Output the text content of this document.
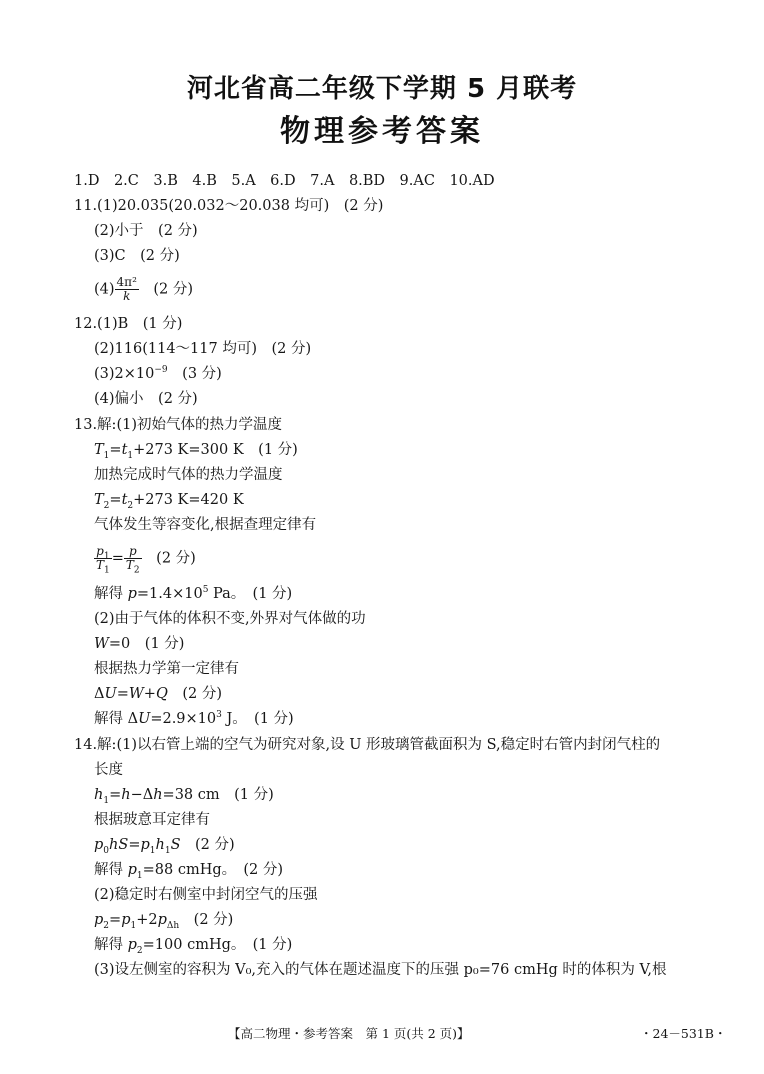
河北省高二年级下学期 5 月联考
物理参考答案
1.D　2.C　3.B　4.B　5.A　6.D　7.A　8.BD　9.AC　10.AD
11.(1)20.035(20.032～20.038 均可)　(2 分)
(2)小于　(2 分)
(3)C　(2 分)
$(4) \frac{\text{4π²}}{k}$
　 (2 分)
12.(1)B　(1 分)
(2)116(114～117 均可)　(2 分)
$(3)2\times 10^{-9}$　 (3 分)
(4)偏小　(2 分)
13.解:(1)初始气体的热力学温度
$T_1=t_1+273$ K=300 K　(1 分)
加热完成时气体的热力学温度
$T_2=t_2+273$ K=420 K
气体发生等容变化,根据查理定律有
$\frac{p_1}{T_1} = \frac{p}{T_2}$
　 (2 分)
解得 $p=1.4\times 10^5$ Pa。　(1 分)
(2)由于气体的体积不变,外界对气体做的功
W=0　(1 分)
根据热力学第一定律有
ΔU=W+Q　(2 分)
解得 $\Delta U=2.9\times 10^3$ J。　(1 分)
14.解:(1)以右管上端的空气为研究对象,设 U 形玻璃管截面积为 S,稳定时右管内封闭气柱的
长度
$h_1=h-\Delta h=38$ cm　(1 分)
根据玻意耳定律有
$p_0hS=p_1h_1S$　(2 分)
解得 $p_1=88$ cmHg。　(2 分)
(2)稳定时右侧室中封闭空气的压强
$p_2=p_1+2p_{\Delta h}$　(2 分)
解得 $p_2=100$ cmHg。　(1 分)
(3)设左侧室的容积为 V₀,充入的气体在题述温度下的压强 p₀=76 cmHg 时的体积为 V,根
【高二物理・参考答案　第 1 页(共 2 页)】	・24－531B・
